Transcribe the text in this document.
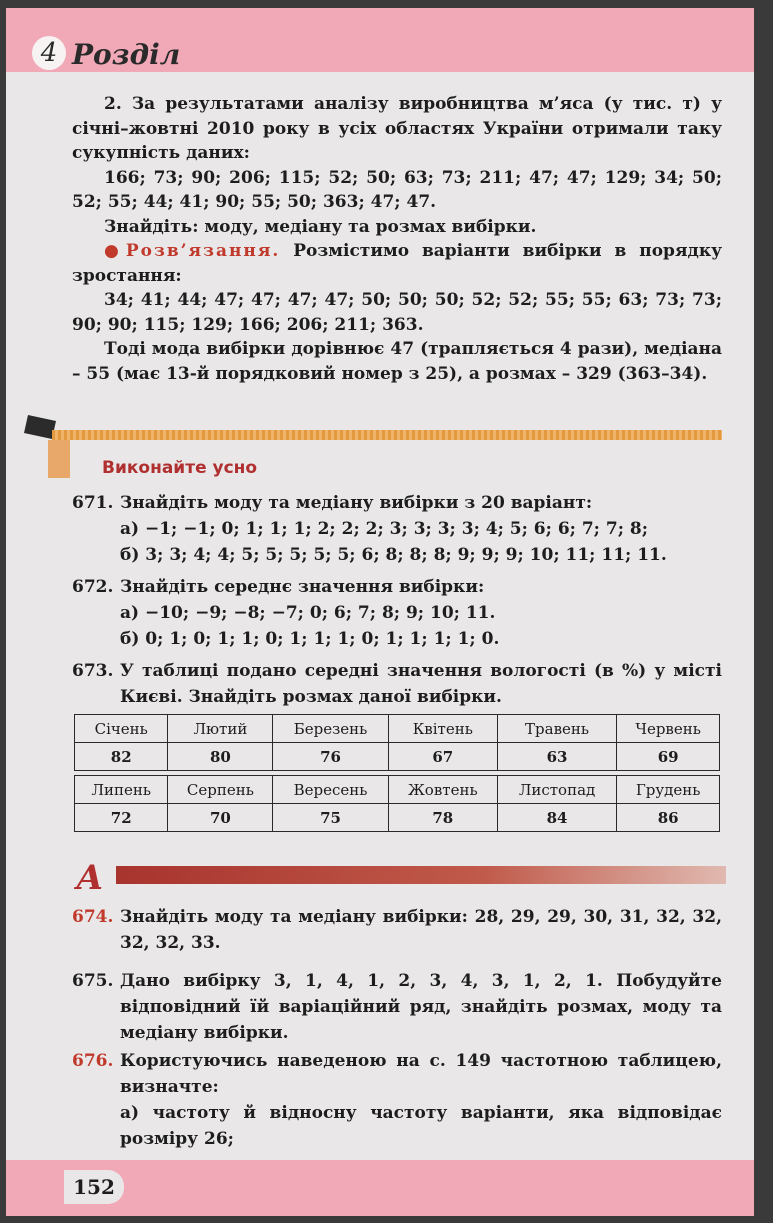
4 Розділ

2. За результатами аналізу виробництва м’яса (у тис. т) у січні–жовтні 2010 року в усіх областях України отримали таку сукупність даних:

166; 73; 90; 206; 115; 52; 50; 63; 73; 211; 47; 47; 129; 34; 50; 52; 55; 44; 41; 90; 55; 50; 363; 47; 47.

Знайдіть: моду, медіану та розмах вибірки.

●Розв’язання. Розмістимо варіанти вибірки в порядку зростання:

34; 41; 44; 47; 47; 47; 47; 50; 50; 50; 52; 52; 55; 55; 63; 73; 73; 90; 90; 115; 129; 166; 206; 211; 363.

Тоді мода вибірки дорівнює 47 (трапляється 4 рази), медіана – 55 (має 13-й порядковий номер з 25), а розмах – 329 (363–34).

Виконайте усно
671. Знайдіть моду та медіану вибірки з 20 варіант:
а) −1; −1; 0; 1; 1; 1; 2; 2; 2; 3; 3; 3; 3; 4; 5; 6; 6; 7; 7; 8;
б) 3; 3; 4; 4; 5; 5; 5; 5; 5; 6; 8; 8; 8; 9; 9; 9; 10; 11; 11; 11.
672. Знайдіть середнє значення вибірки:
а) −10; −9; −8; −7; 0; 6; 7; 8; 9; 10; 11.
б) 0; 1; 0; 1; 1; 0; 1; 1; 1; 0; 1; 1; 1; 1; 0.
673. У таблиці подано середні значення вологості (в %) у місті Києві. Знайдіть розмах даної вибірки.
Січень	Лютий	Березень	Квітень	Травень	Червень
82	80	76	67	63	69

Липень	Серпень	Вересень	Жовтень	Листопад	Грудень
72	70	75	78	84	86
А
674. Знайдіть моду та медіану вибірки: 28, 29, 29, 30, 31, 32, 32, 32, 32, 33.
675. Дано вибірку 3, 1, 4, 1, 2, 3, 4, 3, 1, 2, 1. Побудуйте відповідний їй варіаційний ряд, знайдіть розмах, моду та медіану вибірки.
676. Користуючись наведеною на с. 149 частотною таблицею, визначте:
а) частоту й відносну частоту варіанти, яка відповідає розміру 26;
152
